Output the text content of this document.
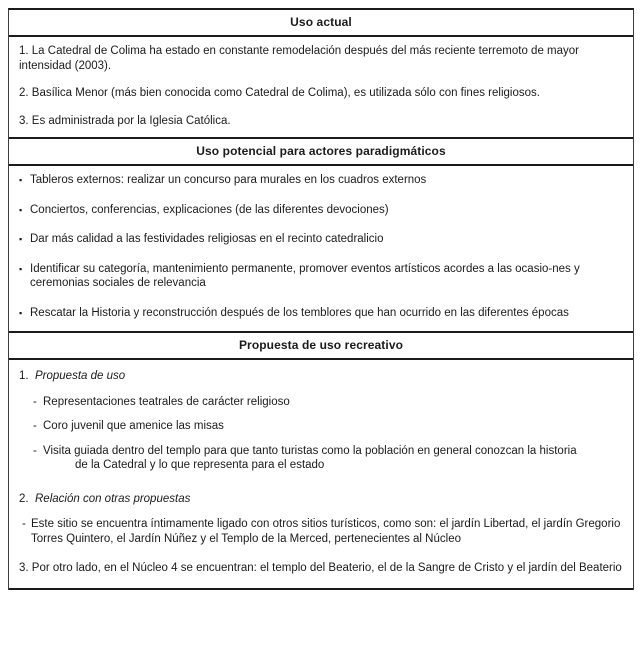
Uso actual

1. La Catedral de Colima ha estado en constante remodelación después del más reciente terremoto de mayor intensidad (2003).

2. Basílica Menor (más bien conocida como Catedral de Colima), es utilizada sólo con fines religiosos.

3. Es administrada por la Iglesia Católica.

Uso potencial para actores paradigmáticos

▪ Tableros externos: realizar un concurso para murales en los cuadros externos

▪ Conciertos, conferencias, explicaciones (de las diferentes devociones)

▪ Dar más calidad a las festividades religiosas en el recinto catedralicio

▪ Identificar su categoría, mantenimiento permanente, promover eventos artísticos acordes a las ocasio-nes y ceremonias sociales de relevancia

▪ Rescatar la Historia y reconstrucción después de los temblores que han ocurrido en las diferentes épocas

Propuesta de uso recreativo

1.  Propuesta de uso

- Representaciones teatrales de carácter religioso

- Coro juvenil que amenice las misas

- Visita guiada dentro del templo para que tanto turistas como la población en general conozcan la historia
de la Catedral y lo que representa para el estado

2.  Relación con otras propuestas

- Este sitio se encuentra íntimamente ligado con otros sitios turísticos, como son: el jardín Libertad, el jardín Gregorio Torres Quintero, el Jardín Núñez y el Templo de la Merced, pertenecientes al Núcleo

3. Por otro lado, en el Núcleo 4 se encuentran: el templo del Beaterio, el de la Sangre de Cristo y el jardín del Beaterio
